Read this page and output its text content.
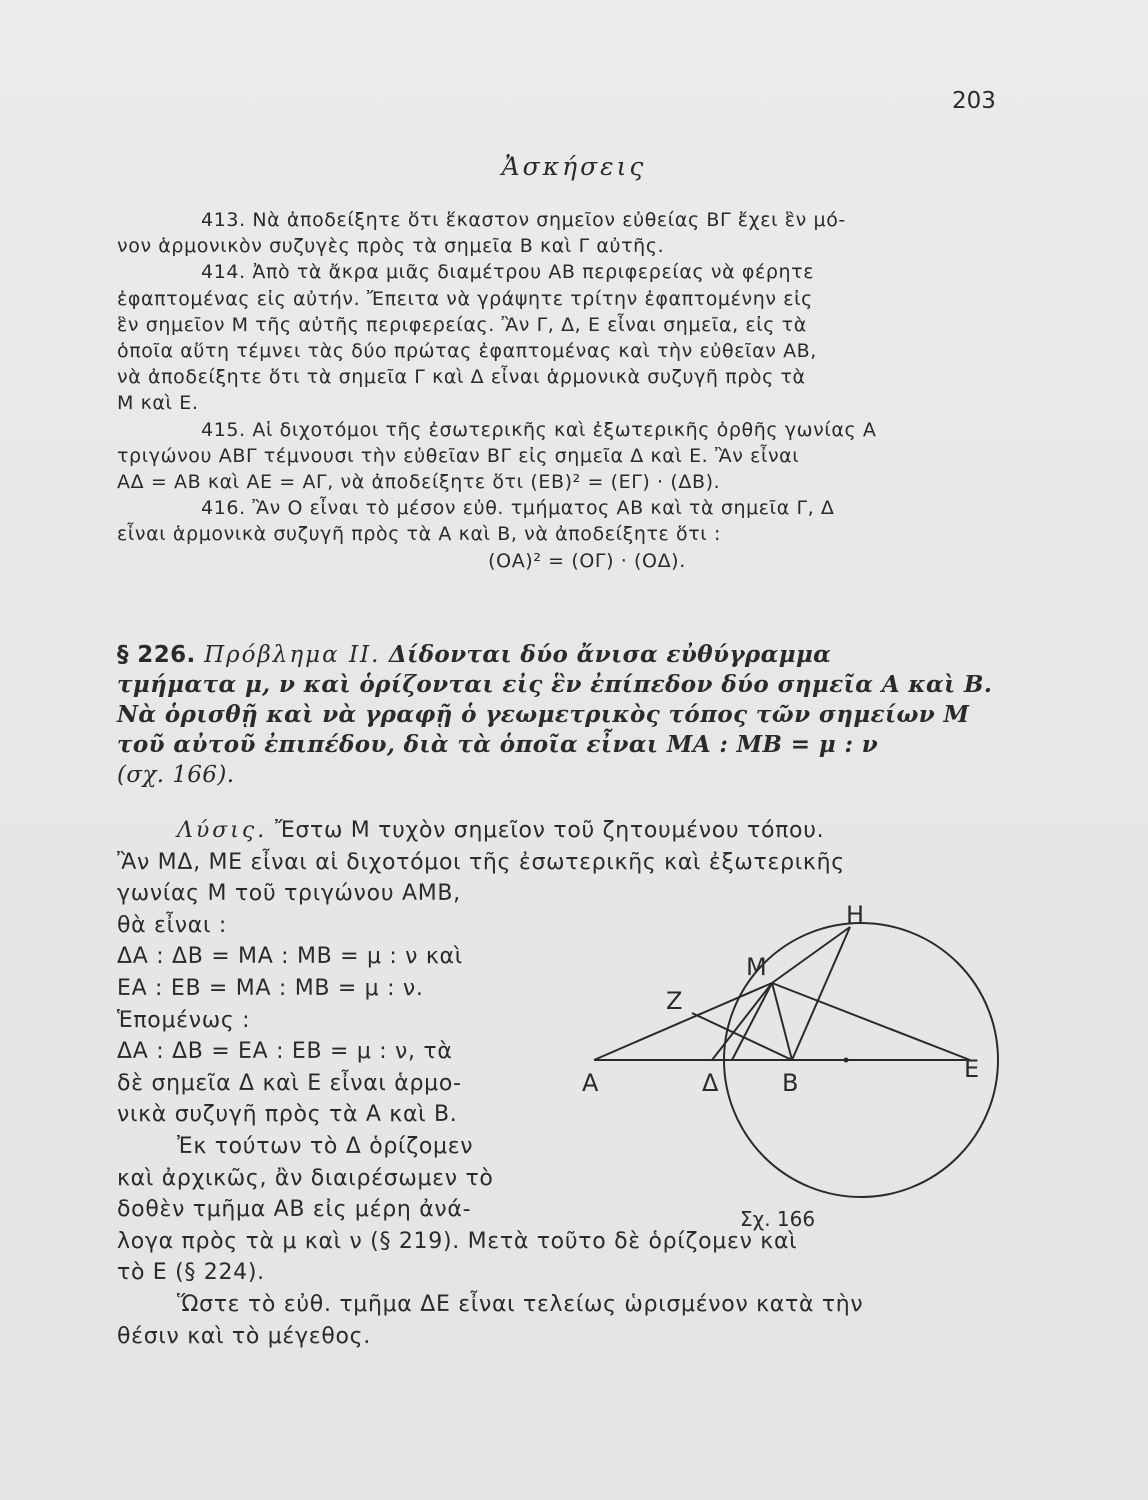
203
Ἀσκήσεις
413. Νὰ ἀποδείξητε ὅτι ἕκαστον σημεῖον εὐθείας ΒΓ ἔχει ἓν μό-
νον ἁρμονικὸν συζυγὲς πρὸς τὰ σημεῖα Β καὶ Γ αὐτῆς.
414. Ἀπὸ τὰ ἄκρα μιᾶς διαμέτρου ΑΒ περιφερείας νὰ φέρητε
ἐφαπτομένας εἰς αὐτήν. Ἔπειτα νὰ γράψητε τρίτην ἐφαπτομένην εἰς
ἓν σημεῖον Μ τῆς αὐτῆς περιφερείας. Ἂν Γ, Δ, Ε εἶναι σημεῖα, εἰς τὰ
ὁποῖα αὕτη τέμνει τὰς δύο πρώτας ἐφαπτομένας καὶ τὴν εὐθεῖαν ΑΒ,
νὰ ἀποδείξητε ὅτι τὰ σημεῖα Γ καὶ Δ εἶναι ἁρμονικὰ συζυγῆ πρὸς τὰ
Μ καὶ Ε.
415. Αἱ διχοτόμοι τῆς ἐσωτερικῆς καὶ ἐξωτερικῆς ὀρθῆς γωνίας Α
τριγώνου ΑΒΓ τέμνουσι τὴν εὐθεῖαν ΒΓ εἰς σημεῖα Δ καὶ Ε. Ἂν εἶναι
ΑΔ = ΑΒ καὶ ΑΕ = ΑΓ, νὰ ἀποδείξητε ὅτι (ΕΒ)² = (ΕΓ) · (ΔΒ).
416. Ἂν Ο εἶναι τὸ μέσον εὐθ. τμήματος ΑΒ καὶ τὰ σημεῖα Γ, Δ
εἶναι ἁρμονικὰ συζυγῆ πρὸς τὰ Α καὶ Β, νὰ ἀποδείξητε ὅτι :
(ΟΑ)² = (ΟΓ) · (ΟΔ).
§ 226. Πρόβλημα ΙΙ. Δίδονται δύο ἄνισα εὐθύγραμμα
τμήματα μ, ν καὶ ὁρίζονται εἰς ἓν ἐπίπεδον δύο σημεῖα Α καὶ Β.
Νὰ ὁρισθῇ καὶ νὰ γραφῇ ὁ γεωμετρικὸς τόπος τῶν σημείων Μ
τοῦ αὐτοῦ ἐπιπέδου, διὰ τὰ ὁποῖα εἶναι ΜΑ : ΜΒ = μ : ν
(σχ. 166).
Λύσις. Ἔστω Μ τυχὸν σημεῖον τοῦ ζητουμένου τόπου.
Ἂν ΜΔ, ΜΕ εἶναι αἱ διχοτόμοι τῆς ἐσωτερικῆς καὶ ἐξωτερικῆς
γωνίας Μ τοῦ τριγώνου ΑΜΒ,
θὰ εἶναι :
ΔΑ : ΔΒ = ΜΑ : ΜΒ = μ : ν καὶ
ΕΑ : ΕΒ = ΜΑ : ΜΒ = μ : ν.
Ἑπομένως :
ΔΑ : ΔΒ = ΕΑ : ΕΒ = μ : ν, τὰ
δὲ σημεῖα Δ καὶ Ε εἶναι ἁρμο-
νικὰ συζυγῆ πρὸς τὰ Α καὶ Β.
Ἐκ τούτων τὸ Δ ὁρίζομεν
καὶ ἀρχικῶς, ἂν διαιρέσωμεν τὸ
δοθὲν τμῆμα ΑΒ εἰς μέρη ἀνά-
λογα πρὸς τὰ μ καὶ ν (§ 219). Μετὰ τοῦτο δὲ ὁρίζομεν καὶ
τὸ Ε (§ 224).
Ὥστε τὸ εὐθ. τμῆμα ΔΕ εἶναι τελείως ὡρισμένον κατὰ τὴν
θέσιν καὶ τὸ μέγεθος.
Α	Δ	Β	Ε
Μ
Ζ
Η
Σχ. 166
